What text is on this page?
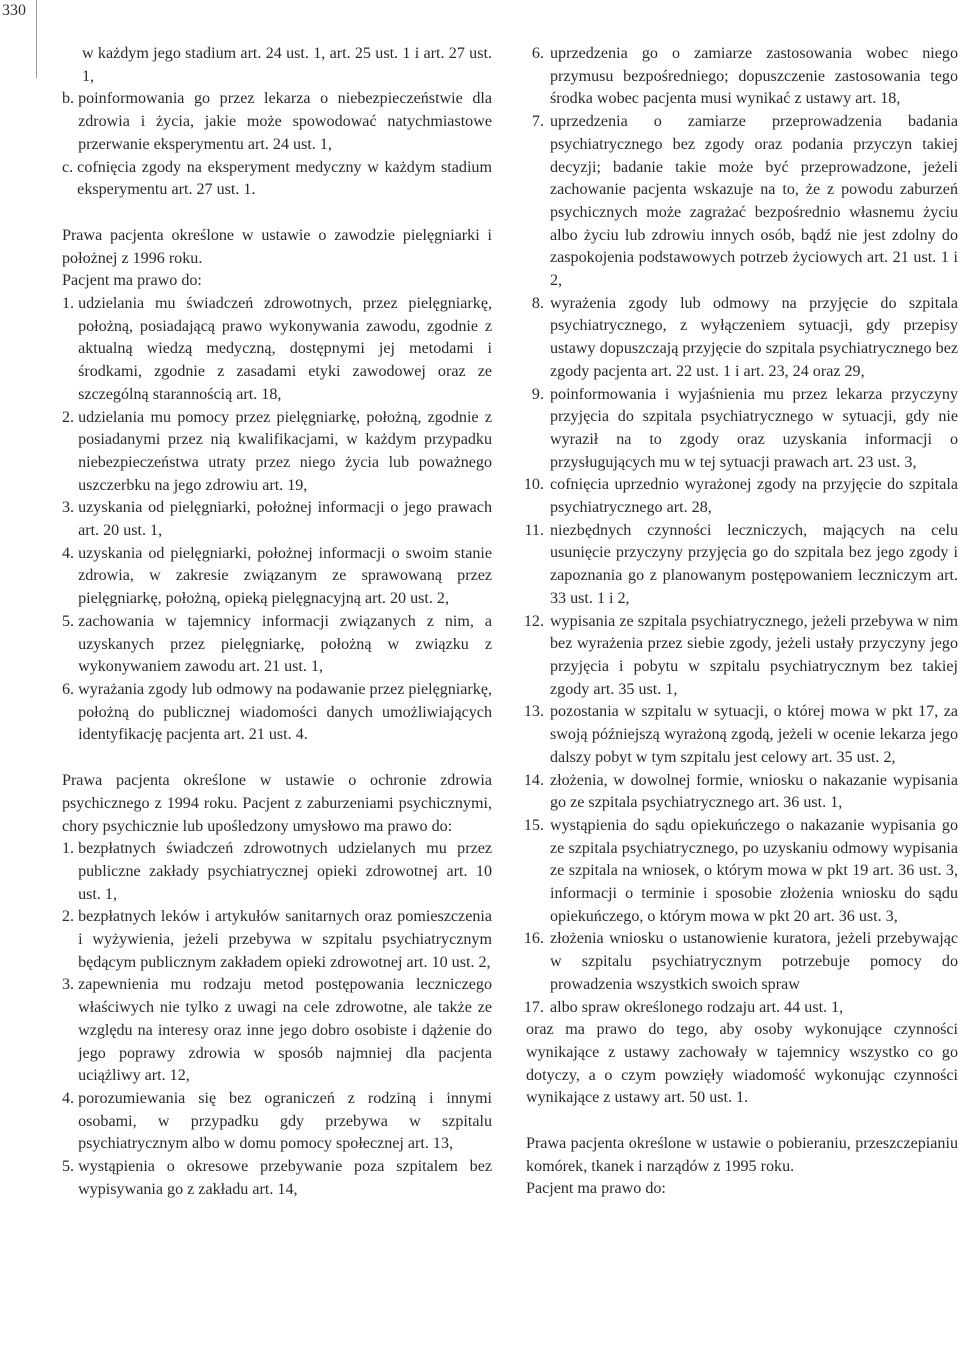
330

w każdym jego stadium art. 24 ust. 1, art. 25 ust. 1 i art. 27 ust. 1,

b. poinformowania go przez lekarza o niebezpieczeństwie dla zdrowia i życia, jakie może spowodować natychmiastowe przerwanie eksperymentu art. 24 ust. 1,
c. cofnięcia zgody na eksperyment medyczny w każdym stadium eksperymentu art. 27 ust. 1.

Prawa pacjenta określone w ustawie o zawodzie pielęgniarki i położnej z 1996 roku.

Pacjent ma prawo do:

1. udzielania mu świadczeń zdrowotnych, przez pielęgniarkę, położną, posiadającą prawo wykonywania zawodu, zgodnie z aktualną wiedzą medyczną, dostępnymi jej metodami i środkami, zgodnie z zasadami etyki zawodowej oraz ze szczególną starannością art. 18,
2. udzielania mu pomocy przez pielęgniarkę, położną, zgodnie z posiadanymi przez nią kwalifikacjami, w każdym przypadku niebezpieczeństwa utraty przez niego życia lub poważnego uszczerbku na jego zdrowiu art. 19,
3. uzyskania od pielęgniarki, położnej informacji o jego prawach art. 20 ust. 1,
4. uzyskania od pielęgniarki, położnej informacji o swoim stanie zdrowia, w zakresie związanym ze sprawowaną przez pielęgniarkę, położną, opieką pielęgnacyjną art. 20 ust. 2,
5. zachowania w tajemnicy informacji związanych z nim, a uzyskanych przez pielęgniarkę, położną w związku z wykonywaniem zawodu art. 21 ust. 1,
6. wyrażania zgody lub odmowy na podawanie przez pielęgniarkę, położną do publicznej wiadomości danych umożliwiających identyfikację pacjenta art. 21 ust. 4.

Prawa pacjenta określone w ustawie o ochronie zdrowia psychicznego z 1994 roku. Pacjent z zaburzeniami psychicznymi, chory psychicznie lub upośledzony umysłowo ma prawo do:

1. bezpłatnych świadczeń zdrowotnych udzielanych mu przez publiczne zakłady psychiatrycznej opieki zdrowotnej art. 10 ust. 1,
2. bezpłatnych leków i artykułów sanitarnych oraz pomieszczenia i wyżywienia, jeżeli przebywa w szpitalu psychiatrycznym będącym publicznym zakładem opieki zdrowotnej art. 10 ust. 2,
3. zapewnienia mu rodzaju metod postępowania leczniczego właściwych nie tylko z uwagi na cele zdrowotne, ale także ze względu na interesy oraz inne jego dobro osobiste i dążenie do jego poprawy zdrowia w sposób najmniej dla pacjenta uciążliwy art. 12,
4. porozumiewania się bez ograniczeń z rodziną i innymi osobami, w przypadku gdy przebywa w szpitalu psychiatrycznym albo w domu pomocy społecznej art. 13,
5. wystąpienia o okresowe przebywanie poza szpitalem bez wypisywania go z zakładu art. 14,
6. uprzedzenia go o zamiarze zastosowania wobec niego przymusu bezpośredniego; dopuszczenie zastosowania tego środka wobec pacjenta musi wynikać z ustawy art. 18,
7. uprzedzenia o zamiarze przeprowadzenia badania psychiatrycznego bez zgody oraz podania przyczyn takiej decyzji; badanie takie może być przeprowadzone, jeżeli zachowanie pacjenta wskazuje na to, że z powodu zaburzeń psychicznych może zagrażać bezpośrednio własnemu życiu albo życiu lub zdrowiu innych osób, bądź nie jest zdolny do zaspokojenia podstawowych potrzeb życiowych art. 21 ust. 1 i 2,
8. wyrażenia zgody lub odmowy na przyjęcie do szpitala psychiatrycznego, z wyłączeniem sytuacji, gdy przepisy ustawy dopuszczają przyjęcie do szpitala psychiatrycznego bez zgody pacjenta art. 22 ust. 1 i art. 23, 24 oraz 29,
9. poinformowania i wyjaśnienia mu przez lekarza przyczyny przyjęcia do szpitala psychiatrycznego w sytuacji, gdy nie wyraził na to zgody oraz uzyskania informacji o przysługujących mu w tej sytuacji prawach art. 23 ust. 3,
10. cofnięcia uprzednio wyrażonej zgody na przyjęcie do szpitala psychiatrycznego art. 28,
11. niezbędnych czynności leczniczych, mających na celu usunięcie przyczyny przyjęcia go do szpitala bez jego zgody i zapoznania go z planowanym postępowaniem leczniczym art. 33 ust. 1 i 2,
12. wypisania ze szpitala psychiatrycznego, jeżeli przebywa w nim bez wyrażenia przez siebie zgody, jeżeli ustały przyczyny jego przyjęcia i pobytu w szpitalu psychiatrycznym bez takiej zgody art. 35 ust. 1,
13. pozostania w szpitalu w sytuacji, o której mowa w pkt 17, za swoją późniejszą wyrażoną zgodą, jeżeli w ocenie lekarza jego dalszy pobyt w tym szpitalu jest celowy art. 35 ust. 2,
14. złożenia, w dowolnej formie, wniosku o nakazanie wypisania go ze szpitala psychiatrycznego art. 36 ust. 1,
15. wystąpienia do sądu opiekuńczego o nakazanie wypisania go ze szpitala psychiatrycznego, po uzyskaniu odmowy wypisania ze szpitala na wniosek, o którym mowa w pkt 19 art. 36 ust. 3, informacji o terminie i sposobie złożenia wniosku do sądu opiekuńczego, o którym mowa w pkt 20 art. 36 ust. 3,
16. złożenia wniosku o ustanowienie kuratora, jeżeli przebywając w szpitalu psychiatrycznym potrzebuje pomocy do prowadzenia wszystkich swoich spraw
17. albo spraw określonego rodzaju art. 44 ust. 1,

oraz ma prawo do tego, aby osoby wykonujące czynności wynikające z ustawy zachowały w tajemnicy wszystko co go dotyczy, a o czym powzięły wiadomość wykonując czynności wynikające z ustawy art. 50 ust. 1.

Prawa pacjenta określone w ustawie o pobieraniu, przeszczepianiu komórek, tkanek i narządów z 1995 roku.

Pacjent ma prawo do:
